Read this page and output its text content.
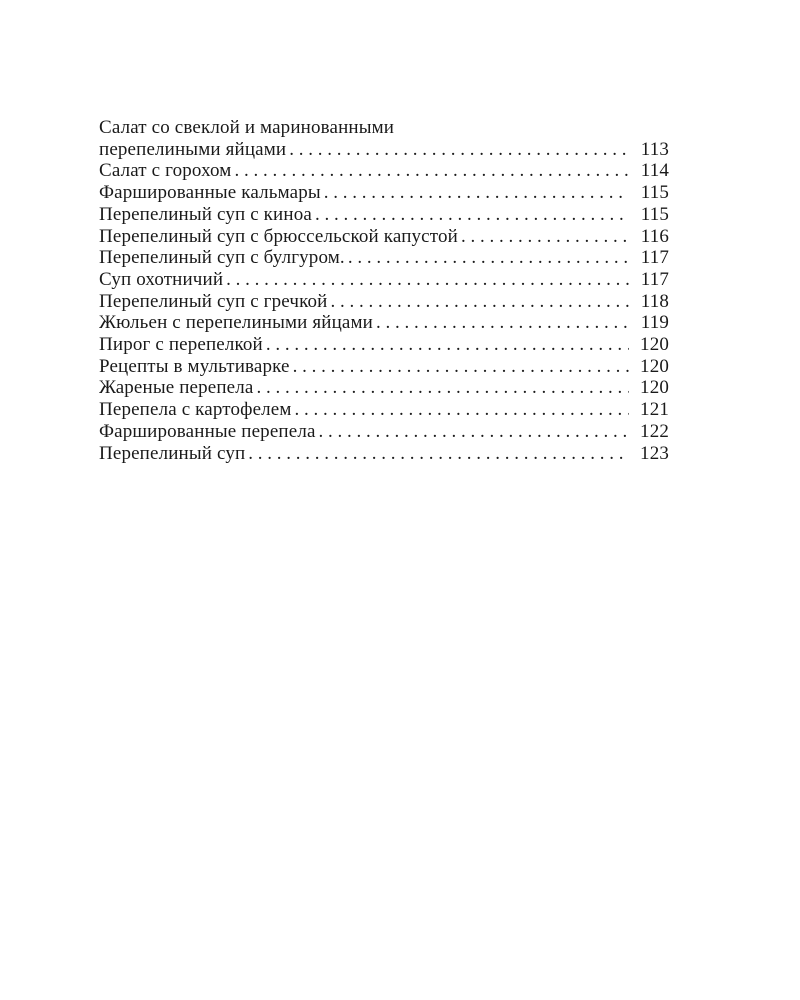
Салат со свеклой и маринованными
перепелиными яйцами . . .	113
Салат с горохом . . .	114
Фаршированные кальмары . . .	115
Перепелиный суп с киноа . . .	115
Перепелиный суп с брюссельской капустой . . .	116
Перепелиный суп с булгуром. . . .	117
Суп охотничий . . .	117
Перепелиный суп с гречкой . . .	118
Жюльен с перепелиными яйцами . . .	119
Пирог с перепелкой . . .	120
Рецепты в мультиварке . . .	120
Жареные перепела . . .	120
Перепела с картофелем . . .	121
Фаршированные перепела . . .	122
Перепелиный суп . . .	123
